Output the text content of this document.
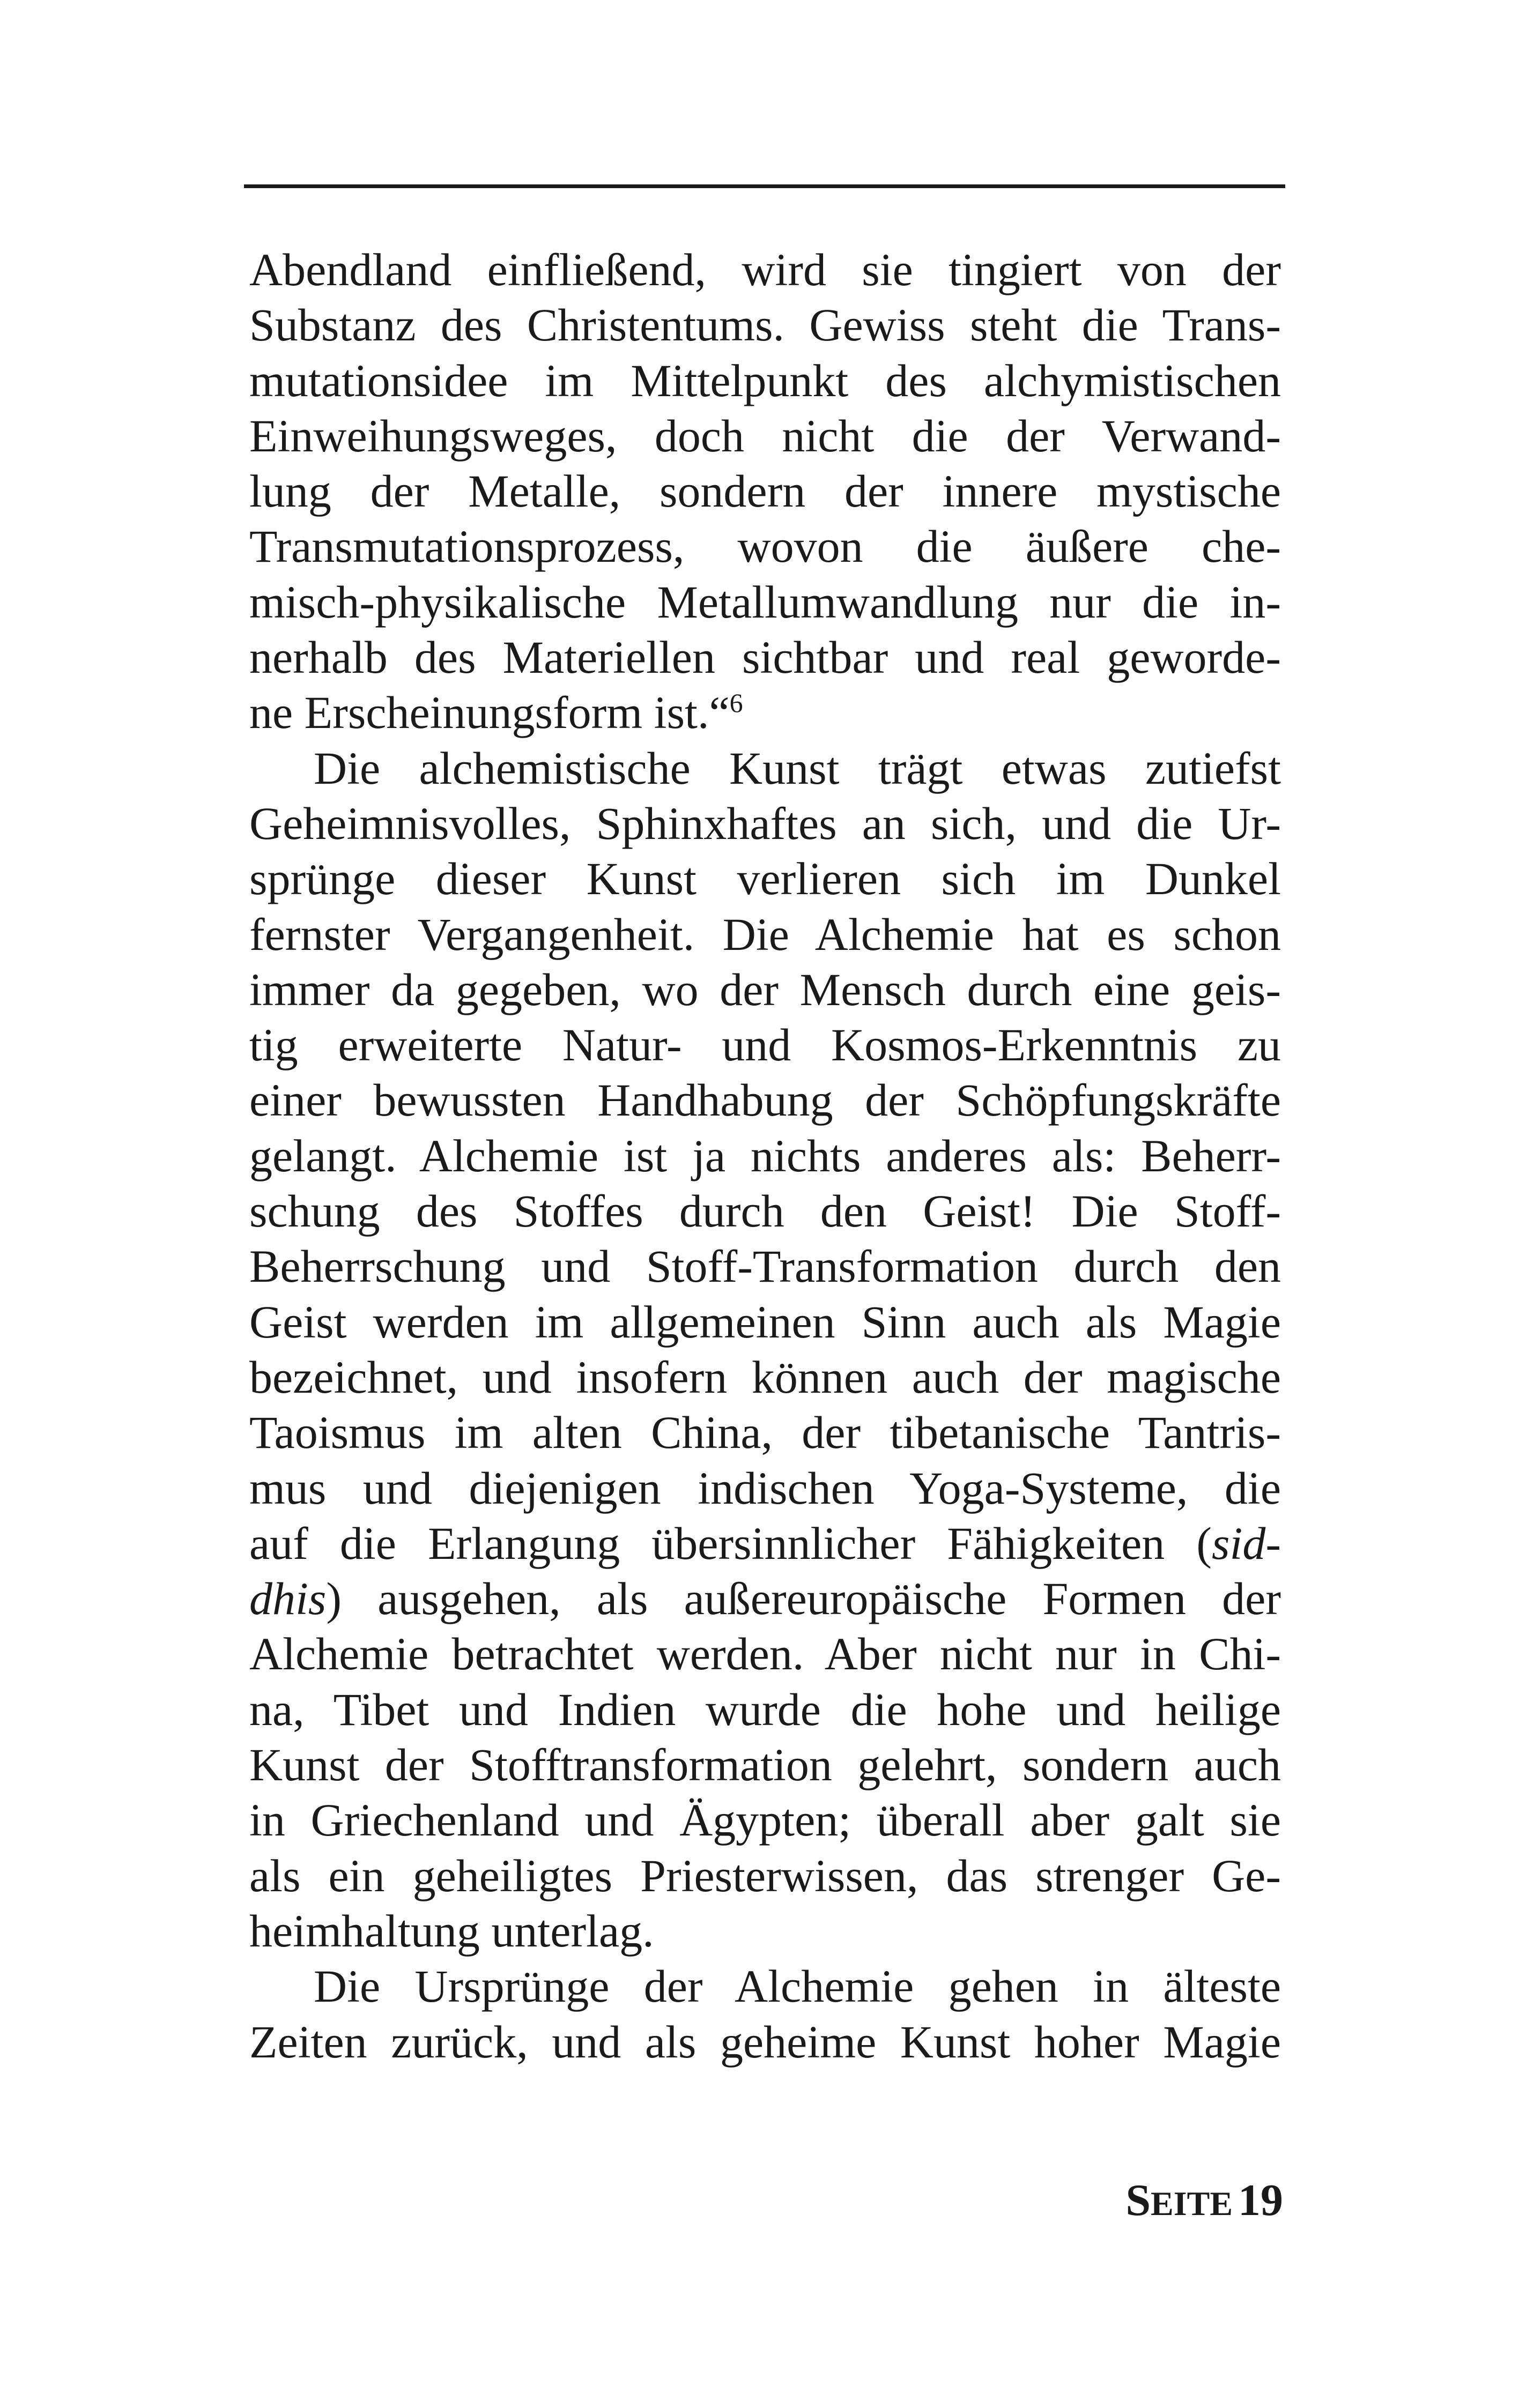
Abendland einfließend, wird sie tingiert von der
Substanz des Christentums. Gewiss steht die Trans-
mutationsidee im Mittelpunkt des alchymistischen
Einweihungsweges, doch nicht die der Verwand-
lung der Metalle, sondern der innere mystische
Transmutationsprozess, wovon die äußere che-
misch-physikalische Metallumwandlung nur die in-
nerhalb des Materiellen sichtbar und real geworde-
ne Erscheinungsform ist.“$^6$
Die alchemistische Kunst trägt etwas zutiefst
Geheimnisvolles, Sphinxhaftes an sich, und die Ur-
sprünge dieser Kunst verlieren sich im Dunkel
fernster Vergangenheit. Die Alchemie hat es schon
immer da gegeben, wo der Mensch durch eine geis-
tig erweiterte Natur- und Kosmos-Erkenntnis zu
einer bewussten Handhabung der Schöpfungskräfte
gelangt. Alchemie ist ja nichts anderes als: Beherr-
schung des Stoffes durch den Geist! Die Stoff-
Beherrschung und Stoff-Transformation durch den
Geist werden im allgemeinen Sinn auch als Magie
bezeichnet, und insofern können auch der magische
Taoismus im alten China, der tibetanische Tantris-
mus und diejenigen indischen Yoga-Systeme, die
auf die Erlangung übersinnlicher Fähigkeiten (sid-
dhis) ausgehen, als außereuropäische Formen der
Alchemie betrachtet werden. Aber nicht nur in Chi-
na, Tibet und Indien wurde die hohe und heilige
Kunst der Stofftransformation gelehrt, sondern auch
in Griechenland und Ägypten; überall aber galt sie
als ein geheiligtes Priesterwissen, das strenger Ge-
heimhaltung unterlag.
Die Ursprünge der Alchemie gehen in älteste
Zeiten zurück, und als geheime Kunst hoher Magie
SEITE 19
